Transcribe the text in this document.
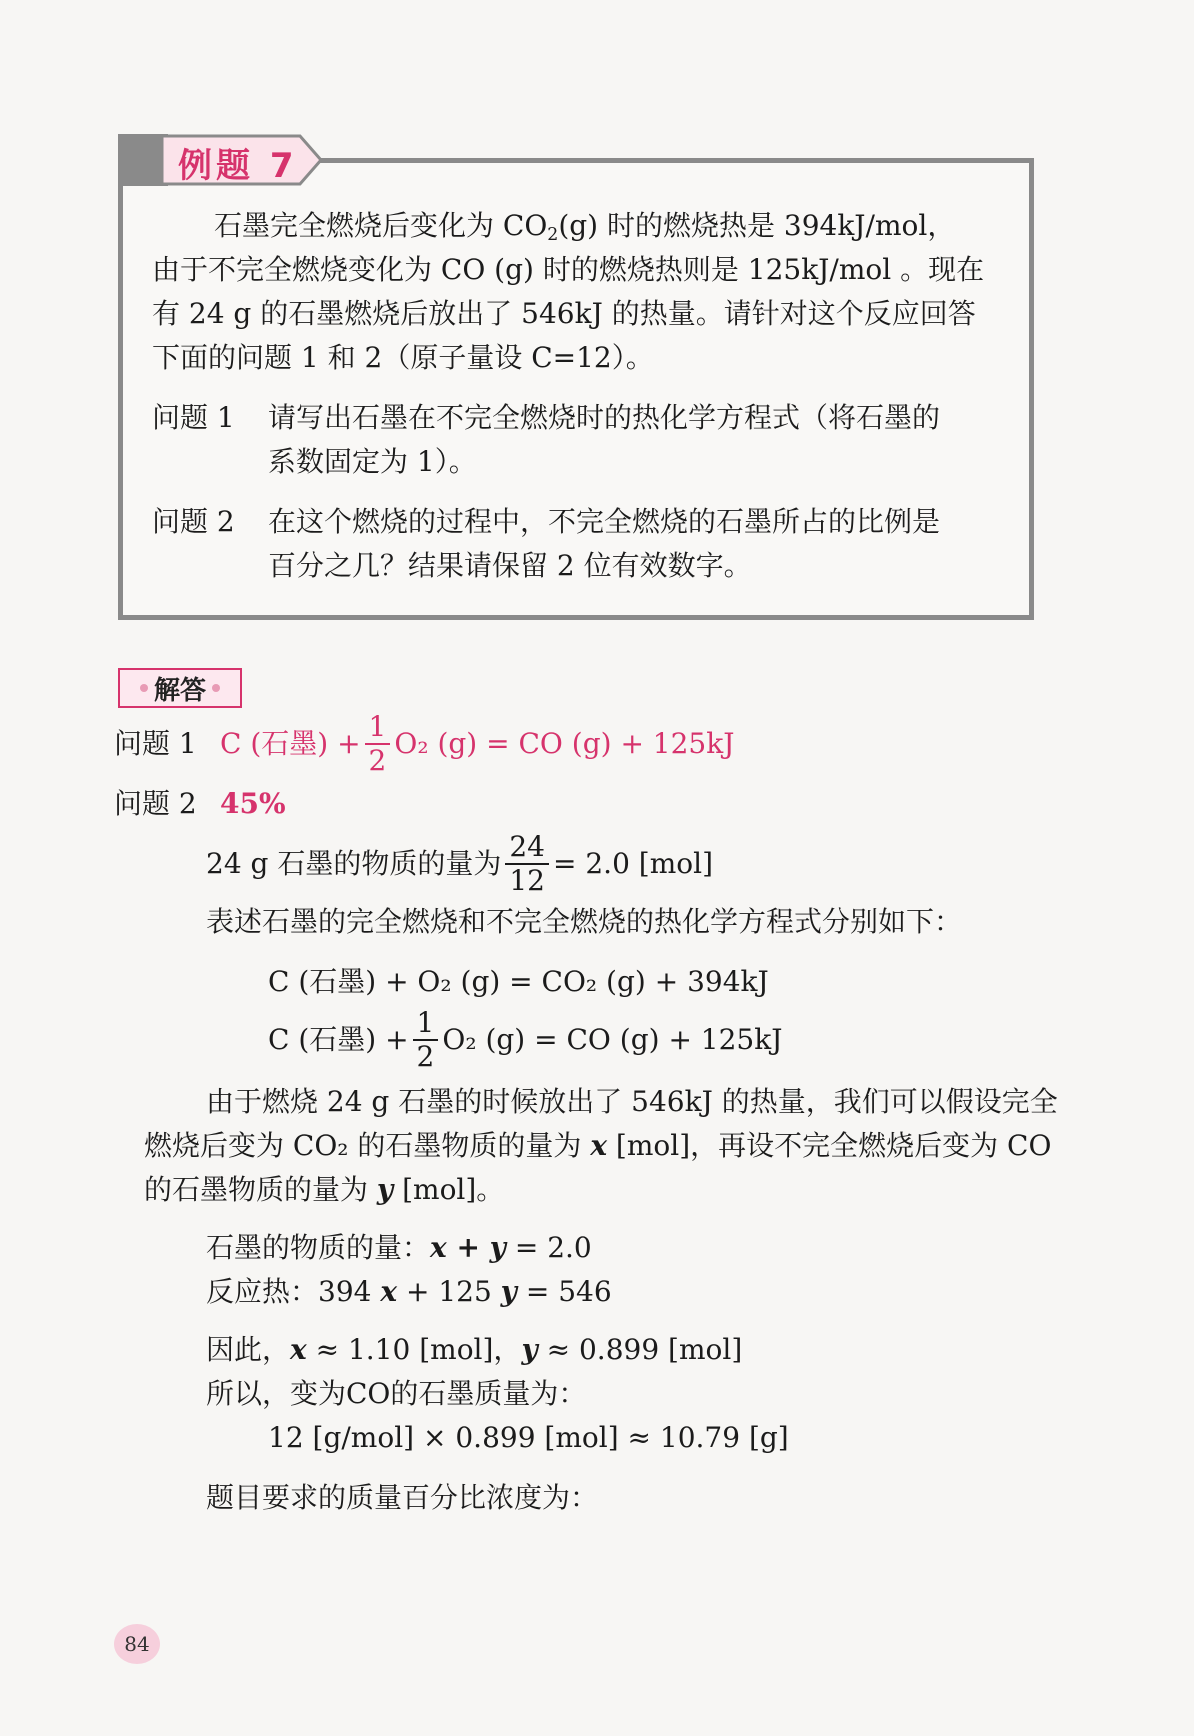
例题 7
石墨完全燃烧后变化为 $CO_2(g)$ 时的燃烧热是 394kJ/mol，
由于不完全燃烧变化为 CO (g) 时的燃烧热则是 125kJ/mol 。现在
有 24 g 的石墨燃烧后放出了 546kJ 的热量。请针对这个反应回答
下面的问题 1 和 2（原子量设 C=12）。
问题 1 请写出石墨在不完全燃烧时的热化学方程式（将石墨的
系数固定为 1）。
问题 2 在这个燃烧的过程中，不完全燃烧的石墨所占的比例是
百分之几？结果请保留 2 位有效数字。
解答
问题 1 C (石墨) + $\frac{1}{2} O_2$ (g) = CO (g) + 125kJ
问题 2 45%
24 g 石墨的物质的量为 $\frac{24}{12} = 2.0$ [mol]
表述石墨的完全燃烧和不完全燃烧的热化学方程式分别如下：
C (石墨) + O₂ (g) = CO₂ (g) + 394kJ
C (石墨) + $\frac{1}{2} O_2$ (g) = CO (g) + 125kJ
由于燃烧 24 g 石墨的时候放出了 546kJ 的热量，我们可以假设完全
燃烧后变为 CO₂ 的石墨物质的量为 x [mol]，再设不完全燃烧后变为 CO
的石墨物质的量为 y [mol]。
石墨的物质的量：x + y = 2.0
反应热：394 x + 125 y = 546
因此，x ≈ 1.10 [mol]，y ≈ 0.899 [mol]
所以，变为CO的石墨质量为：
12 [g/mol] × 0.899 [mol] ≈ 10.79 [g]
题目要求的质量百分比浓度为：
84
